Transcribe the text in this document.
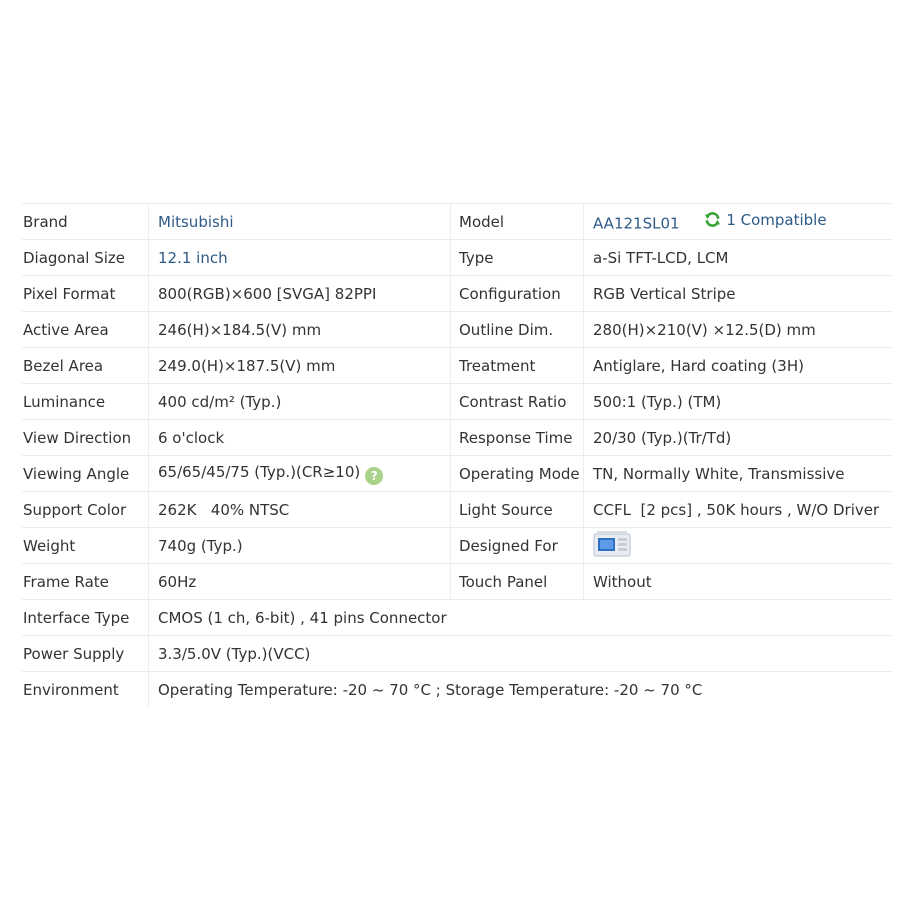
Brand	Mitsubishi	Model	AA121SL01 1 Compatible

Diagonal Size	12.1 inch	Type	a-Si TFT-LCD, LCM
Pixel Format	800(RGB)×600 [SVGA] 82PPI	Configuration	RGB Vertical Stripe
Active Area	246(H)×184.5(V) mm	Outline Dim.	280(H)×210(V) ×12.5(D) mm
Bezel Area	249.0(H)×187.5(V) mm	Treatment	Antiglare, Hard coating (3H)
Luminance	400 cd/m² (Typ.)	Contrast Ratio	500:1 (Typ.) (TM)
View Direction	6 o'clock	Response Time	20/30 (Typ.)(Tr/Td)
Viewing Angle	65/65/45/75 (Typ.)(CR≥10) ?	Operating Mode	TN, Normally White, Transmissive
Support Color	262K   40% NTSC	Light Source	CCFL  [2 pcs] , 50K hours , W/O Driver
Weight	740g (Typ.)	Designed For	
Frame Rate	60Hz	Touch Panel	Without
Interface Type	CMOS (1 ch, 6-bit) , 41 pins Connector		
Power Supply	3.3/5.0V (Typ.)(VCC)		
Environment	Operating Temperature: -20 ~ 70 °C ; Storage Temperature: -20 ~ 70 °C		
